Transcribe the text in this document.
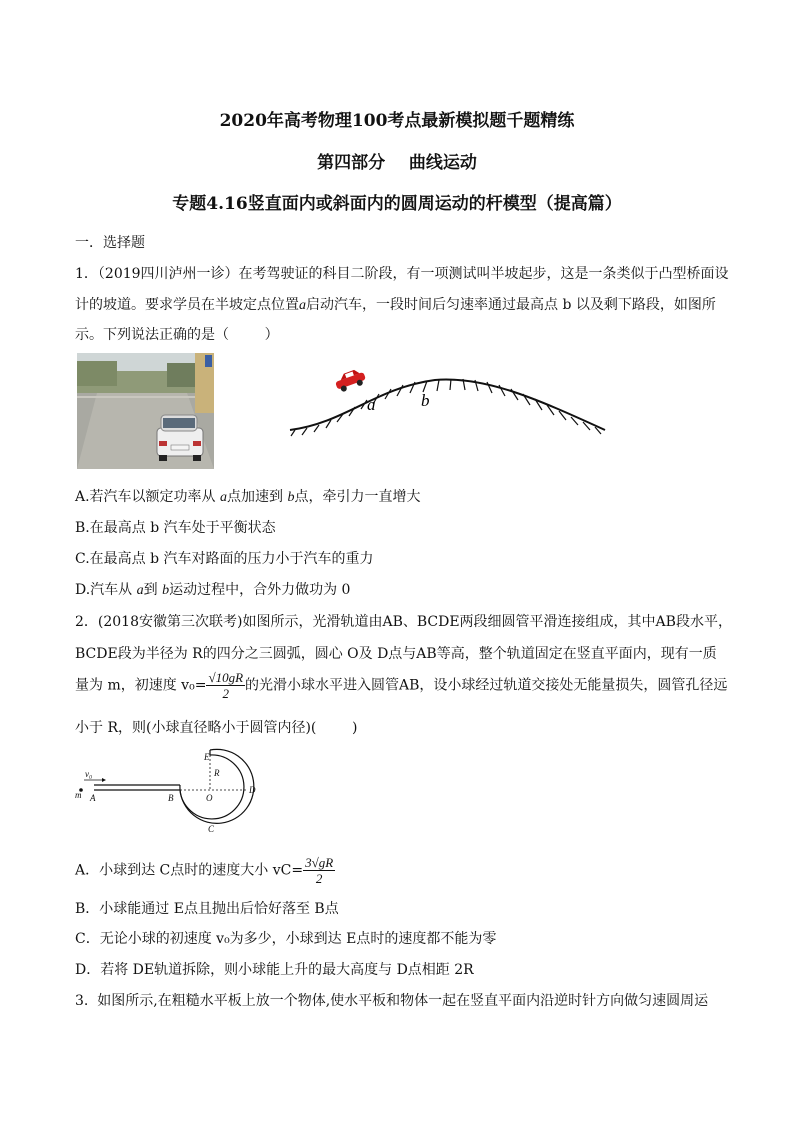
2020年高考物理100考点最新模拟题千题精练
第四部分    曲线运动
专题4.16竖直面内或斜面内的圆周运动的杆模型（提高篇）
一．选择题
1．（2019四川泸州一诊）在考驾驶证的科目二阶段，有一项测试叫半坡起步，这是一条类似于凸型桥面设
计的坡道。要求学员在半坡定点位置a启动汽车，一段时间后匀速率通过最高点 b 以及剩下路段，如图所
示。下列说法正确的是（        ）
a	b
A.若汽车以额定功率从 a点加速到 b点，牵引力一直增大
B.在最高点 b 汽车处于平衡状态
C.在最高点 b 汽车对路面的压力小于汽车的重力
D.汽车从 a到 b运动过程中，合外力做功为 0
2．(2018安徽第三次联考)如图所示，光滑轨道由AB、BCDE两段细圆管平滑连接组成，其中AB段水平，
BCDE段为半径为 R的四分之三圆弧，圆心 O及 D点与AB等高，整个轨道固定在竖直平面内，现有一质
量为 m，初速度 $v_0= \frac{√10gR}{2}$ 的光滑小球水平进入圆管AB，设小球经过轨道交接处无能量损失，圆管孔径远
小于 R，则(小球直径略小于圆管内径)(        )
E
R
D
O
B
A
C
m
v₀
A．小球到达 C点时的速度大小 $vC= \frac{3√gR}{2}$
B．小球能通过 E点且抛出后恰好落至 B点
C．无论小球的初速度 v₀为多少，小球到达 E点时的速度都不能为零
D．若将 DE轨道拆除，则小球能上升的最大高度与 D点相距 2R
3.  如图所示,在粗糙水平板上放一个物体,使水平板和物体一起在竖直平面内沿逆时针方向做匀速圆周运
